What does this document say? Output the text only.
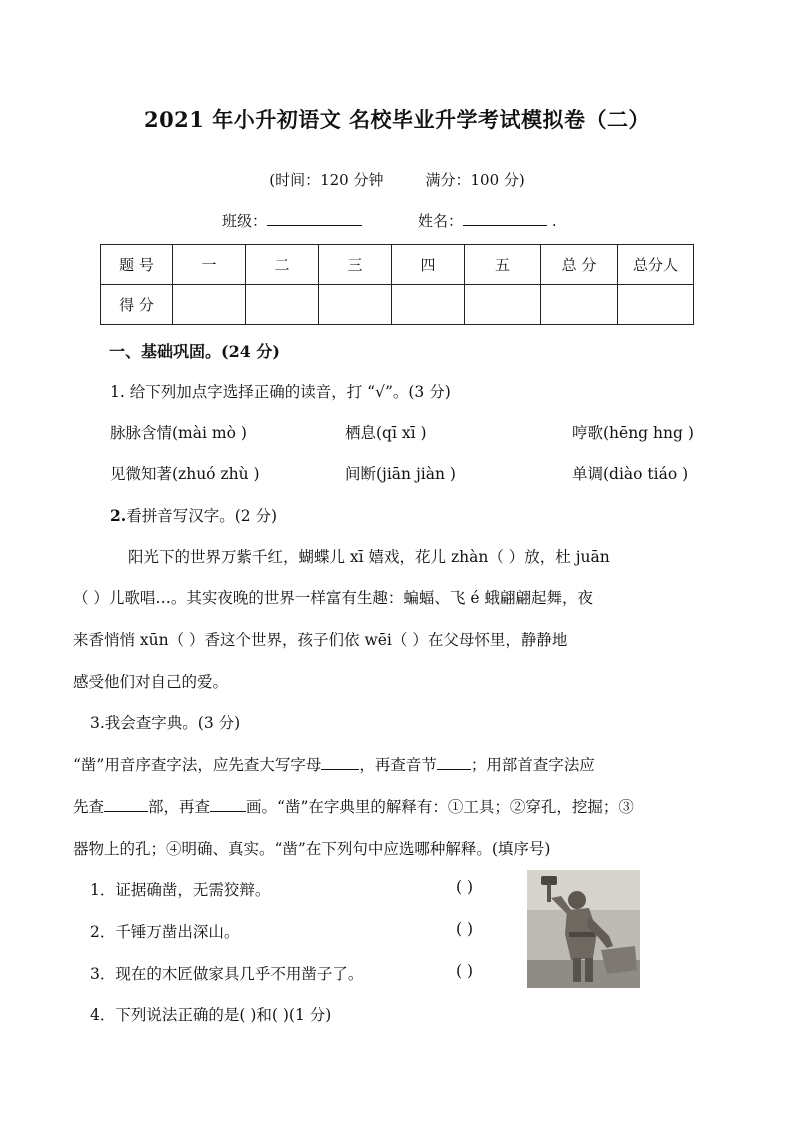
2021 年小升初语文 名校毕业升学考试模拟卷（二）
(时间：120 分钟	满分：100 分)
班级：	姓名：	.
题 号	一	二	三	四	五	总 分	总分人
得 分							
一、基础巩固。(24 分)
1. 给下列加点字选择正确的读音，打 “√”。(3 分)
脉脉含情(mài mò )	栖息(qī xī )	哼歌(hēng hng )
见微知著(zhuó zhù )	间断(jiān jiàn )	单调(diào tiáo )
2.看拼音写汉字。(2 分)
阳光下的世界万紫千红，蝴蝶儿 xī 嬉戏，花儿 zhàn（ ）放，杜 juān
（ ）儿歌唱…。其实夜晚的世界一样富有生趣：蝙蝠、飞 é 蛾翩翩起舞，夜
来香悄悄 xūn（ ）香这个世界，孩子们依 wēi（ ）在父母怀里，静静地
感受他们对自己的爱。
3.我会查字典。(3 分)
“凿”用音序查字法，应先查大写字母 ，再查音节 ；用部首查字法应
先查	部，再查 画。“凿”在字典里的解释有：①工具；②穿孔，挖掘；③
器物上的孔；④明确、真实。“凿”在下列句中应选哪种解释。(填序号)
1．证据确凿，无需狡辩。	( )
2．千锤万凿出深山。	( )
3．现在的木匠做家具几乎不用凿子了。	( )
4．下列说法正确的是( )和( )(1 分)
